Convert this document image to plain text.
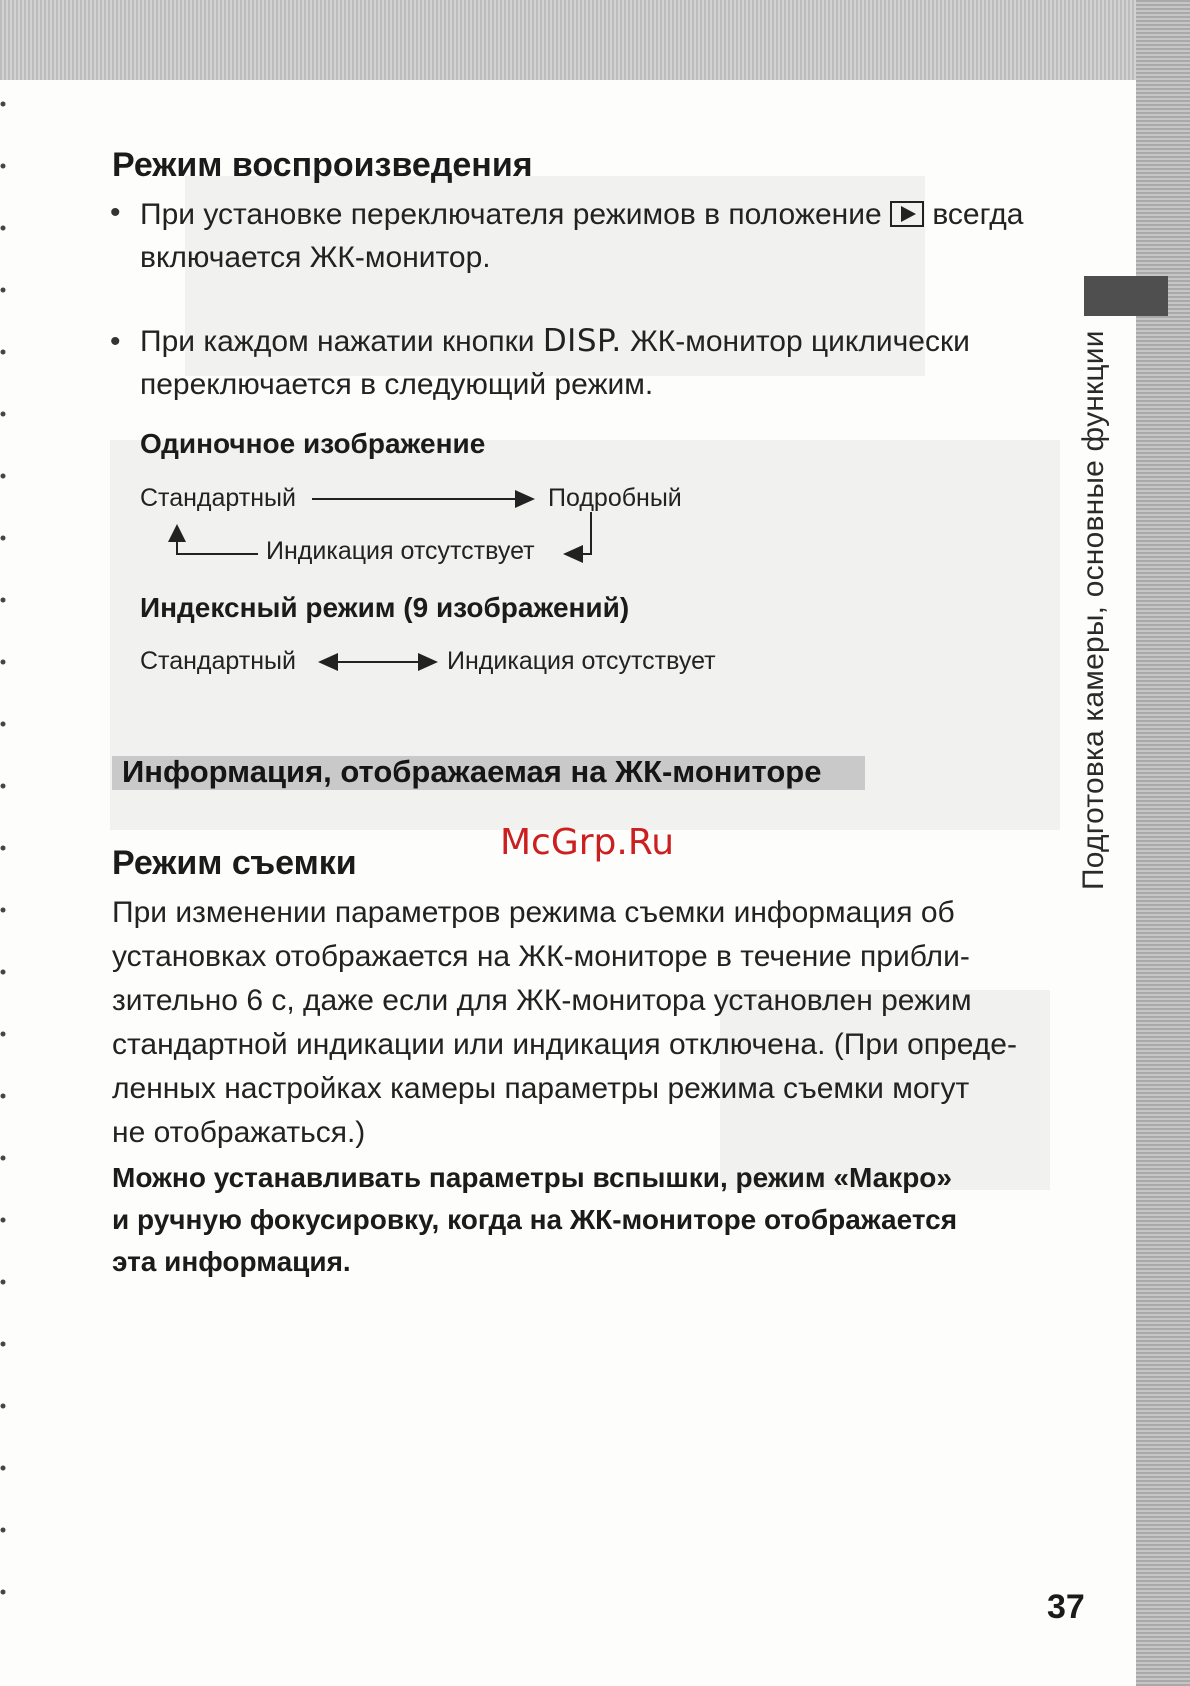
Подготовка камеры, основные функции
Режим воспроизведения
• При установке переключателя режимов в положение всегда
включается ЖК-монитор.
• При каждом нажатии кнопки DISP. ЖК-монитор циклически
переключается в следующий режим.
Одиночное изображение
Стандартный	Подробный
Индикация отсутствует
Индексный режим (9 изображений)
Стандартный	Индикация отсутствует
Информация, отображаемая на ЖК-мониторе
McGrp.Ru
Режим съемки
При изменении параметров режима съемки информация об
установках отображается на ЖК-мониторе в течение прибли-
зительно 6 с, даже если для ЖК-монитора установлен режим
стандартной индикации или индикация отключена. (При опреде-
ленных настройках камеры параметры режима съемки могут
не отображаться.)
Можно устанавливать параметры вспышки, режим «Макро»
и ручную фокусировку, когда на ЖК-мониторе отображается
эта информация.
37
